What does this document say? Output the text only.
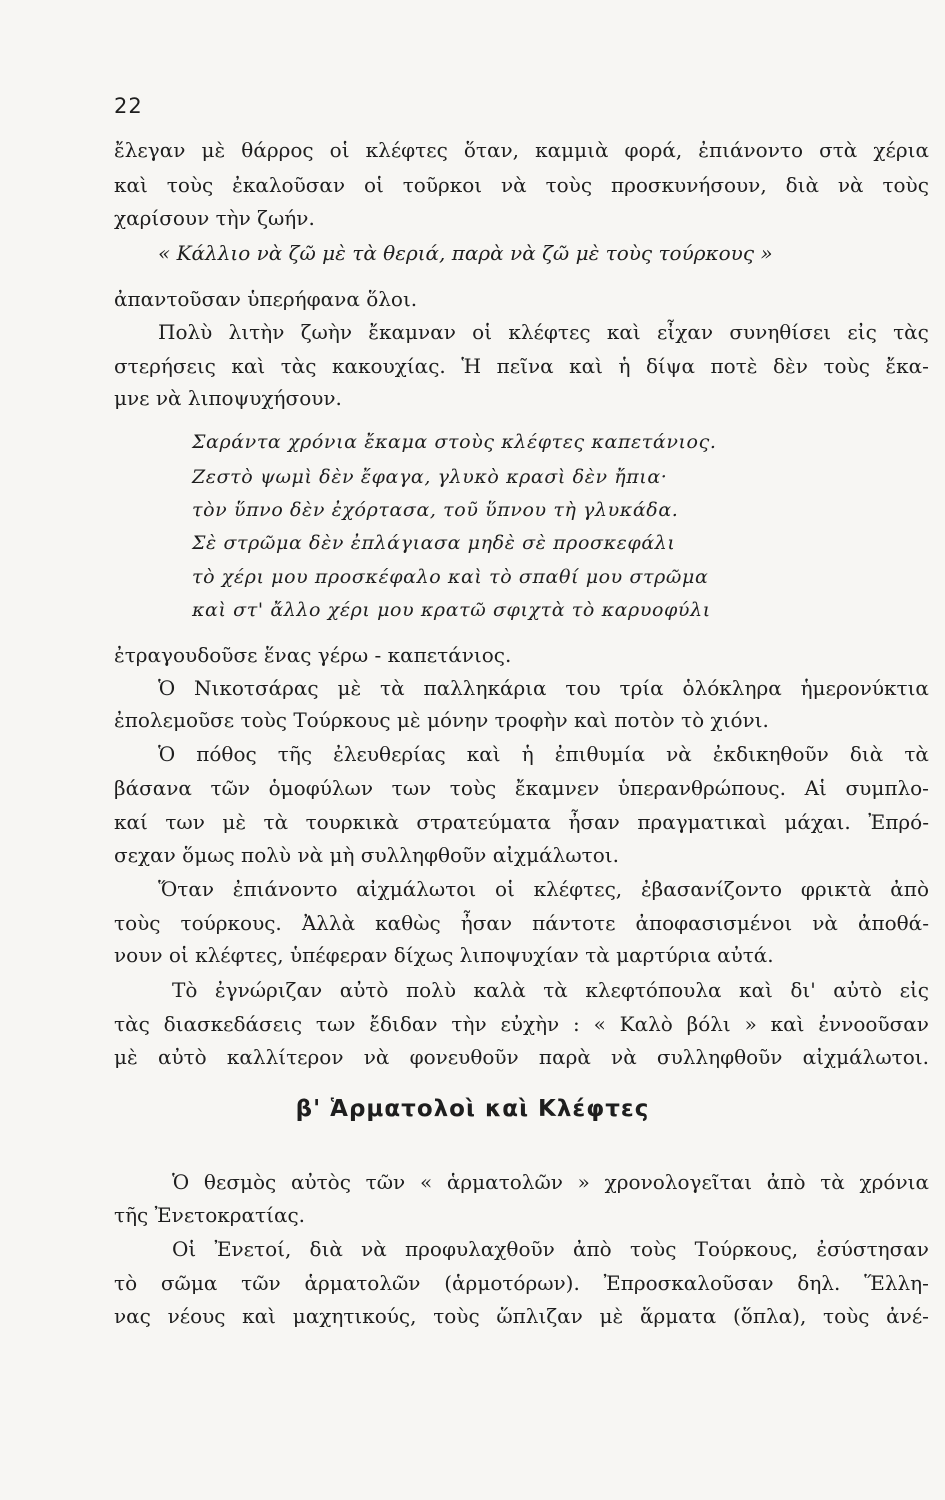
22
ἔλεγαν μὲ θάρρος οἱ κλέφτες ὅταν, καμμιὰ φορά, ἐπιάνοντο στὰ χέρια
καὶ τοὺς ἐκαλοῦσαν οἱ τοῦρκοι νὰ τοὺς προσκυνήσουν, διὰ νὰ τοὺς
χαρίσουν τὴν ζωήν.
« Κάλλιο νὰ ζῶ μὲ τὰ θεριά, παρὰ νὰ ζῶ μὲ τοὺς τούρκους »
ἀπαντοῦσαν ὑπερήφανα ὅλοι.
Πολὺ λιτὴν ζωὴν ἔκαμναν οἱ κλέφτες καὶ εἶχαν συνηθίσει εἰς τὰς
στερήσεις καὶ τὰς κακουχίας. Ἡ πεῖνα καὶ ἡ δίψα ποτὲ δὲν τοὺς ἔκα-
μνε νὰ λιποψυχήσουν.
Σαράντα χρόνια ἔκαμα στοὺς κλέφτες καπετάνιος.
Ζεστὸ ψωμὶ δὲν ἔφαγα, γλυκὸ κρασὶ δὲν ἤπια·
τὸν ὕπνο δὲν ἐχόρτασα, τοῦ ὕπνου τὴ γλυκάδα.
Σὲ στρῶμα δὲν ἐπλάγιασα μηδὲ σὲ προσκεφάλι
τὸ χέρι μου προσκέφαλο καὶ τὸ σπαθί μου στρῶμα
καὶ στ' ἄλλο χέρι μου κρατῶ σφιχτὰ τὸ καρυοφύλι
ἐτραγουδοῦσε ἕνας γέρω - καπετάνιος.
Ὁ Νικοτσάρας μὲ τὰ παλληκάρια του τρία ὁλόκληρα ἡμερονύκτια
ἐπολεμοῦσε τοὺς Τούρκους μὲ μόνην τροφὴν καὶ ποτὸν τὸ χιόνι.
Ὁ πόθος τῆς ἐλευθερίας καὶ ἡ ἐπιθυμία νὰ ἐκδικηθοῦν διὰ τὰ
βάσανα τῶν ὁμοφύλων των τοὺς ἔκαμνεν ὑπερανθρώπους. Αἱ συμπλο-
καί των μὲ τὰ τουρκικὰ στρατεύματα ἦσαν πραγματικαὶ μάχαι. Ἐπρό-
σεχαν ὅμως πολὺ νὰ μὴ συλληφθοῦν αἰχμάλωτοι.
Ὅταν ἐπιάνοντο αἰχμάλωτοι οἱ κλέφτες, ἐβασανίζοντο φρικτὰ ἀπὸ
τοὺς τούρκους. Ἀλλὰ καθὼς ἦσαν πάντοτε ἀποφασισμένοι νὰ ἀποθά-
νουν οἱ κλέφτες, ὑπέφεραν δίχως λιποψυχίαν τὰ μαρτύρια αὐτά.
Τὸ ἐγνώριζαν αὐτὸ πολὺ καλὰ τὰ κλεφτόπουλα καὶ δι' αὐτὸ εἰς
τὰς διασκεδάσεις των ἔδιδαν τὴν εὐχὴν : « Καλὸ βόλι » καὶ ἐννοοῦσαν
μὲ αὐτὸ καλλίτερον νὰ φονευθοῦν παρὰ νὰ συλληφθοῦν αἰχμάλωτοι.
β' Ἁρματολοὶ καὶ Κλέφτες
Ὁ θεσμὸς αὐτὸς τῶν « ἁρματολῶν » χρονολογεῖται ἀπὸ τὰ χρόνια
τῆς Ἐνετοκρατίας.
Οἱ Ἐνετοί, διὰ νὰ προφυλαχθοῦν ἀπὸ τοὺς Τούρκους, ἐσύστησαν
τὸ σῶμα τῶν ἁρματολῶν (ἁρμοτόρων). Ἐπροσκαλοῦσαν δηλ. Ἕλλη-
νας νέους καὶ μαχητικούς, τοὺς ὥπλιζαν μὲ ἅρματα (ὅπλα), τοὺς ἀνέ-
